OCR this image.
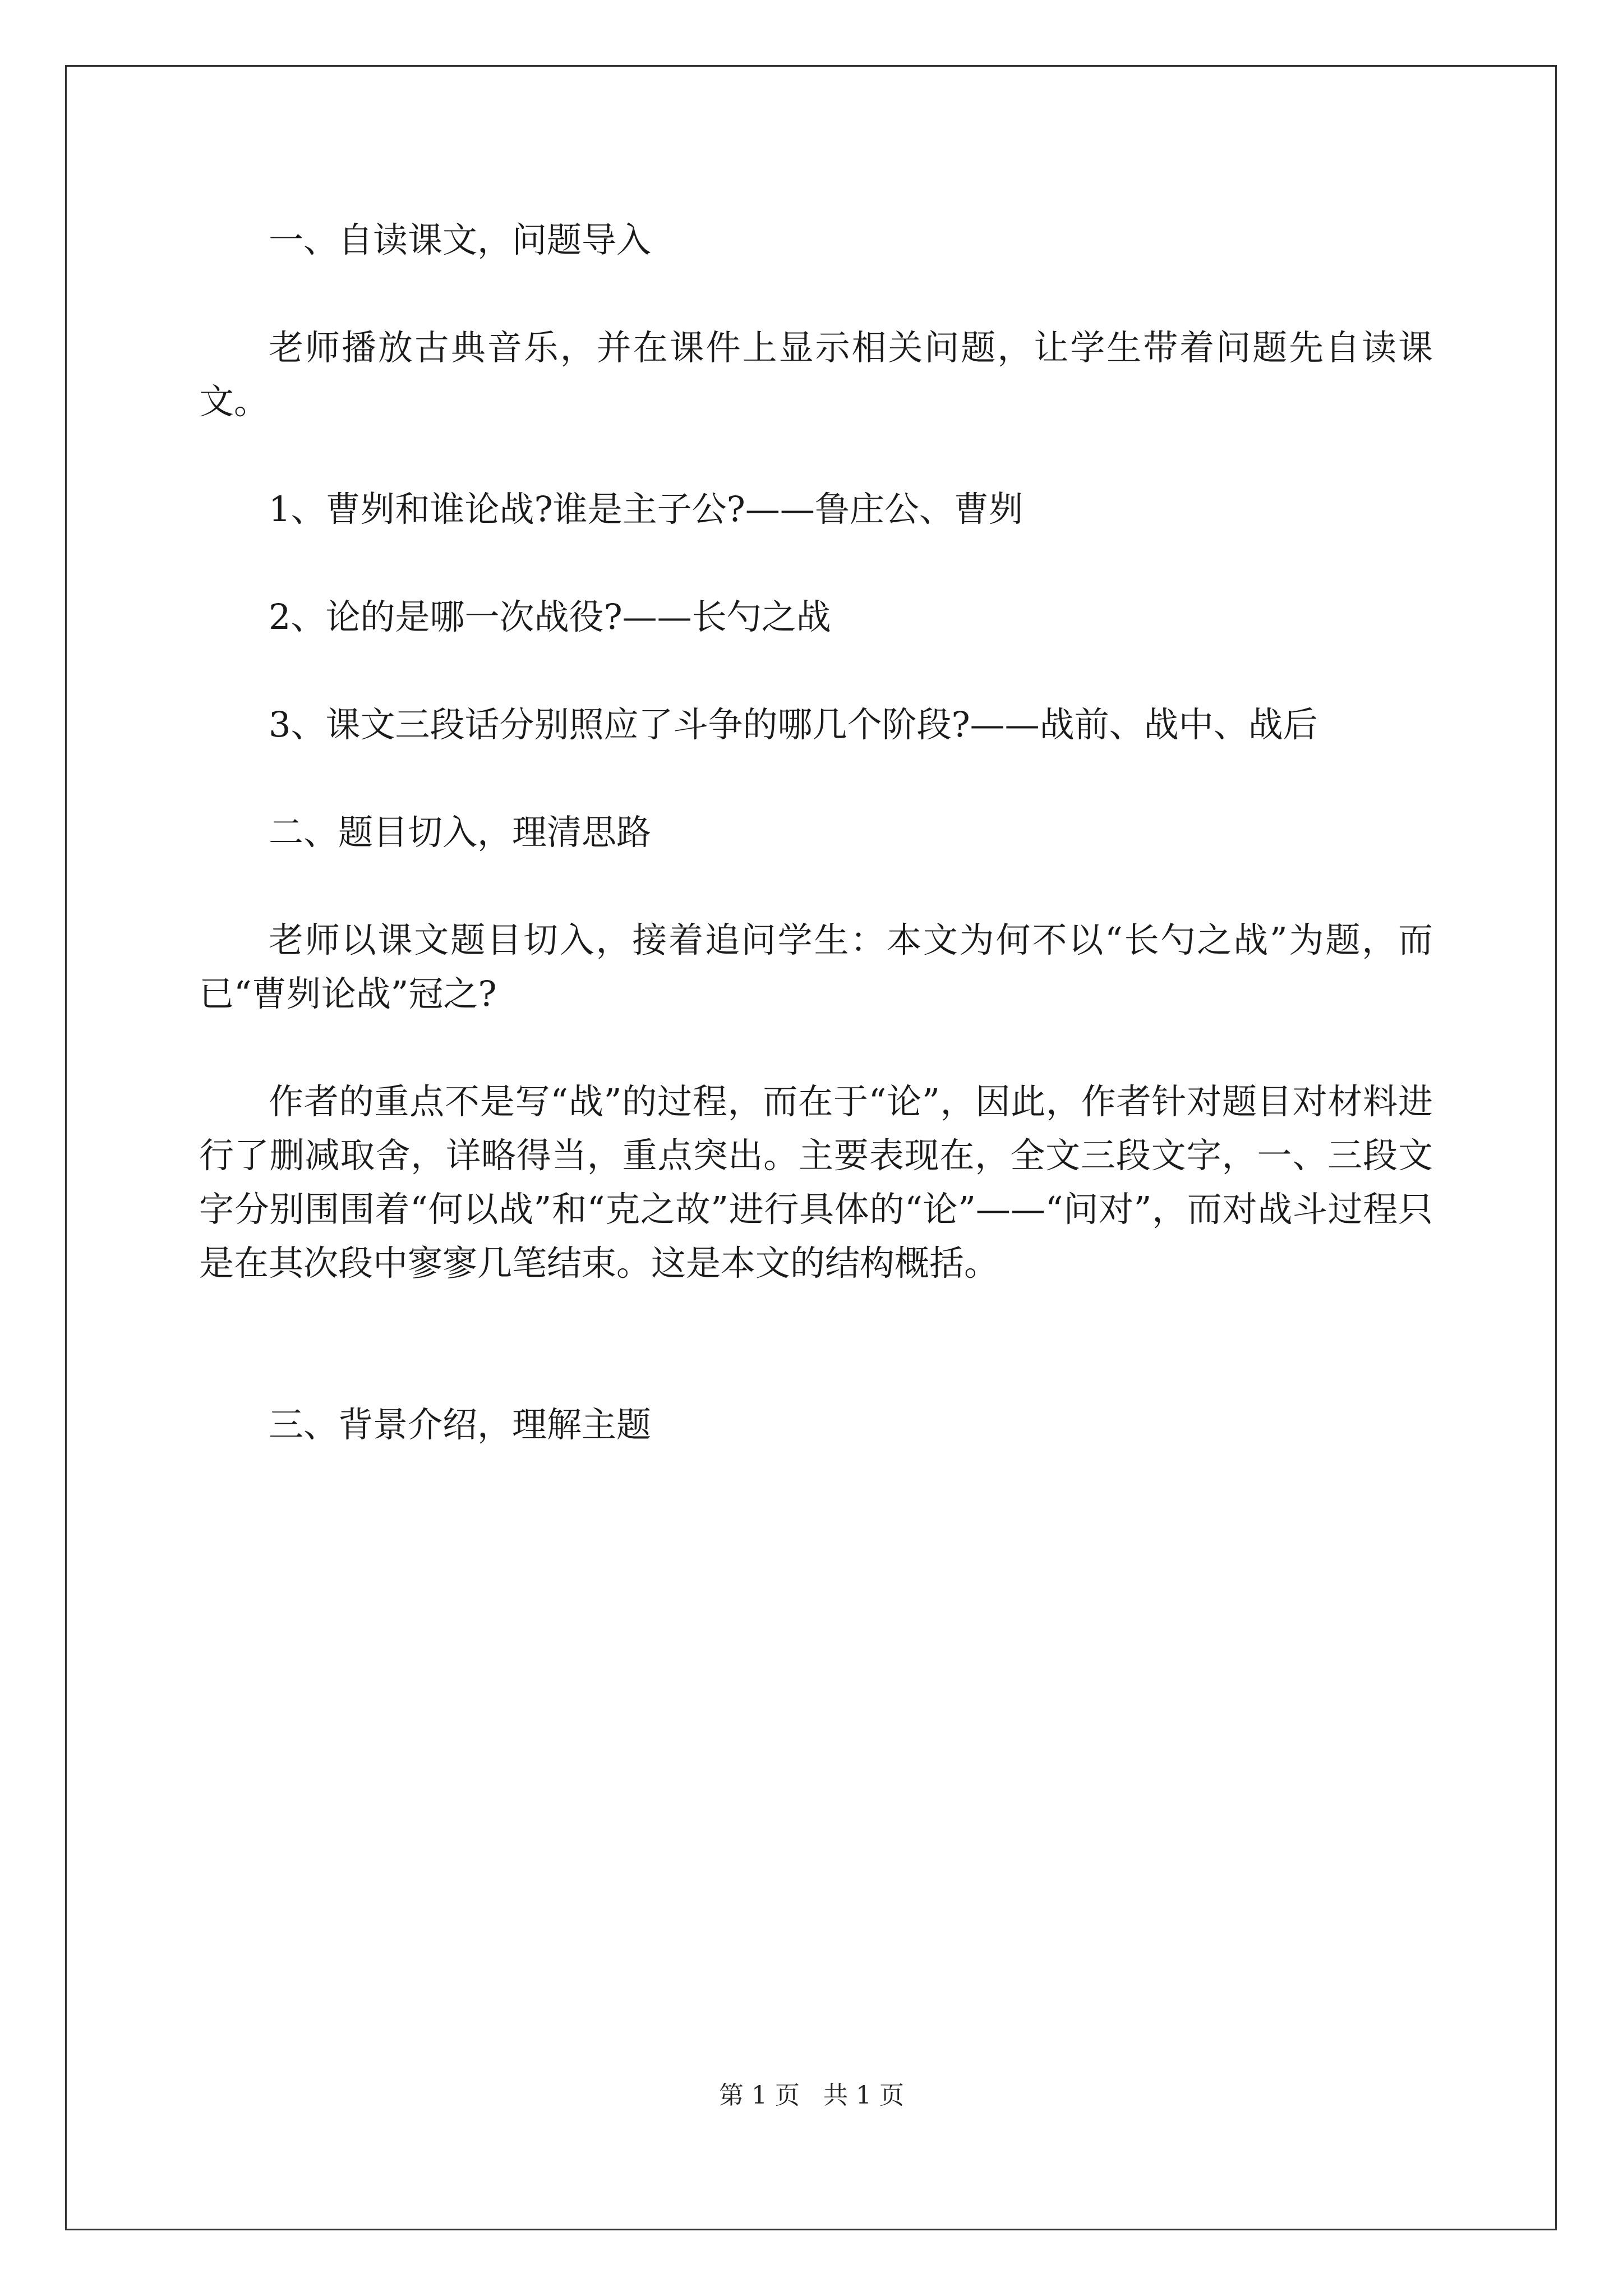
一、自读课文，问题导入

老师播放古典音乐，并在课件上显示相关问题，让学生带着问题先自读课文。

1、曹刿和谁论战?谁是主子公?——鲁庄公、曹刿

2、论的是哪一次战役?——长勺之战

3、课文三段话分别照应了斗争的哪几个阶段?——战前、战中、战后

二、题目切入，理清思路

老师以课文题目切入，接着追问学生：本文为何不以“长勺之战”为题，而已“曹刿论战”冠之?

作者的重点不是写“战”的过程，而在于“论”，因此，作者针对题目对材料进行了删减取舍，详略得当，重点突出。主要表现在，全文三段文字，一、三段文字分别围围着“何以战”和“克之故”进行具体的“论”——“问对”，而对战斗过程只是在其次段中寥寥几笔结束。这是本文的结构概括。

三、背景介绍，理解主题

第 1 页 共 1 页
